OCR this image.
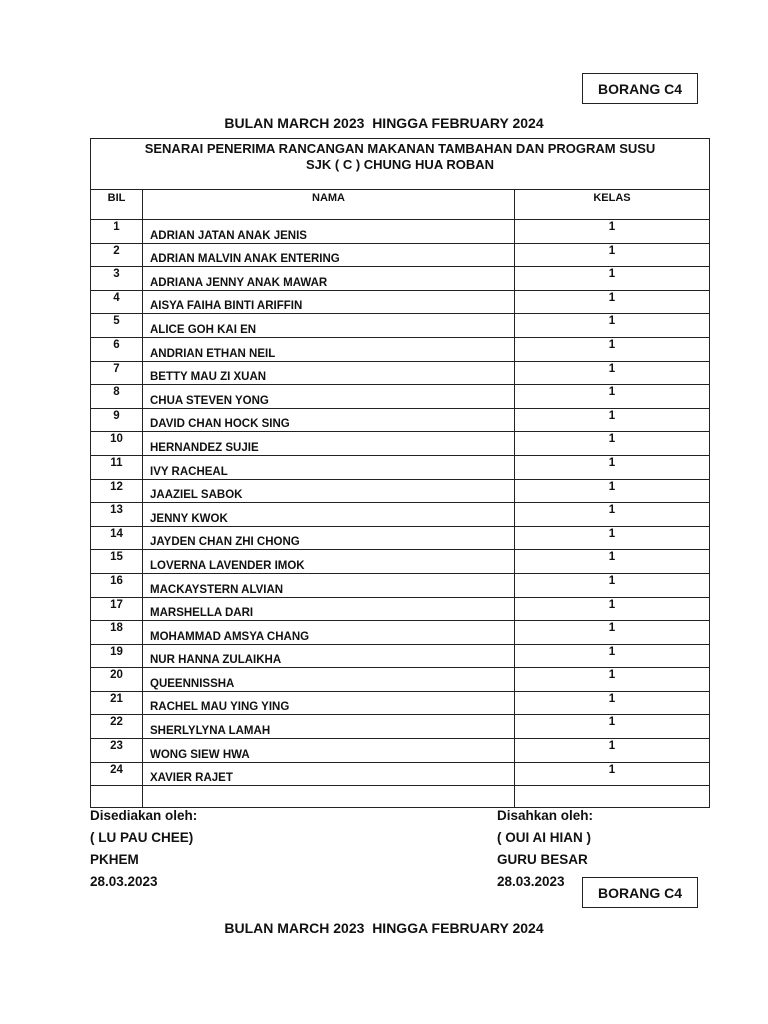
BORANG C4
BULAN MARCH 2023  HINGGA FEBRUARY 2024
SENARAI PENERIMA RANCANGAN MAKANAN TAMBAHAN DAN PROGRAM SUSU
SJK ( C ) CHUNG HUA ROBAN		

BIL	NAMA	KELAS
1	ADRIAN JATAN ANAK JENIS	1
2	ADRIAN MALVIN ANAK ENTERING	1
3	ADRIANA JENNY ANAK MAWAR	1
4	AISYA FAIHA BINTI ARIFFIN	1
5	ALICE GOH KAI EN	1
6	ANDRIAN ETHAN NEIL	1
7	BETTY MAU ZI XUAN	1
8	CHUA STEVEN YONG	1
9	DAVID CHAN HOCK SING	1
10	HERNANDEZ SUJIE	1
11	IVY RACHEAL	1
12	JAAZIEL SABOK	1
13	JENNY KWOK	1
14	JAYDEN CHAN ZHI CHONG	1
15	LOVERNA LAVENDER IMOK	1
16	MACKAYSTERN ALVIAN	1
17	MARSHELLA DARI	1
18	MOHAMMAD AMSYA CHANG	1
19	NUR HANNA ZULAIKHA	1
20	QUEENNISSHA	1
21	RACHEL MAU YING YING	1
22	SHERLYLYNA LAMAH	1
23	WONG SIEW HWA	1
24	XAVIER RAJET	1

Disediakan oleh:
( LU PAU CHEE)
PKHEM
28.03.2023
Disahkan oleh:
( OUI AI HIAN )
GURU BESAR
28.03.2023
BORANG C4
BULAN MARCH 2023  HINGGA FEBRUARY 2024
